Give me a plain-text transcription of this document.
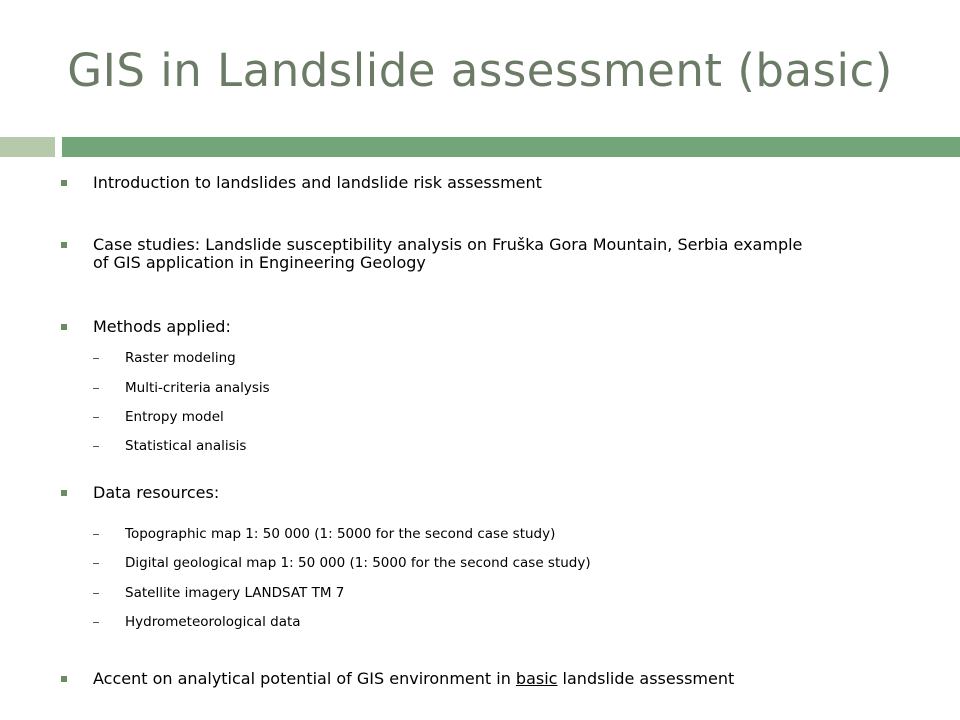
GIS in Landslide assessment (basic)
Introduction to landslides and landslide risk assessment
Case studies: Landslide susceptibility analysis on Fruška Gora Mountain, Serbia example
of GIS application in Engineering Geology
Methods applied:
Raster modeling
Multi-criteria analysis
Entropy model
Statistical analisis
Data resources:
Topographic map 1: 50 000 (1: 5000 for the second case study)
Digital geological map 1: 50 000 (1: 5000 for the second case study)
Satellite imagery LANDSAT TM 7
Hydrometeorological data
Accent on analytical potential of GIS environment in basic landslide assessment
